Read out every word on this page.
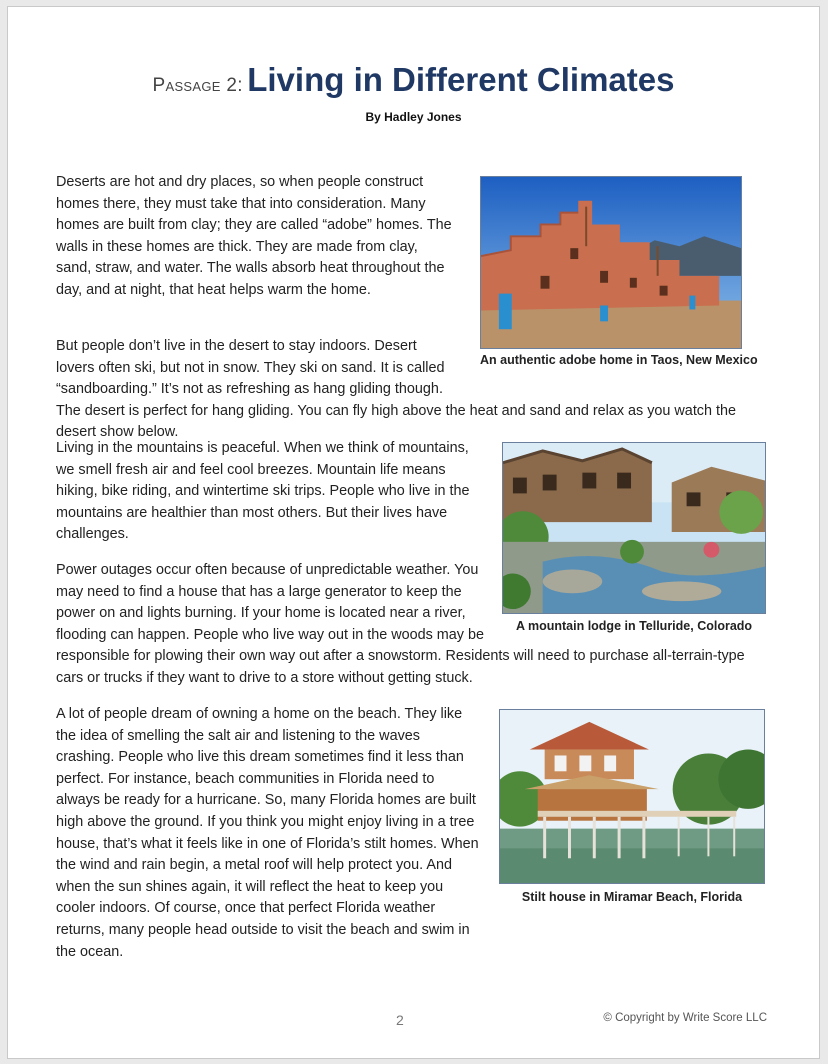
Passage 2: Living in Different Climates
By Hadley Jones
An authentic adobe home in Taos, New Mexico

Deserts are hot and dry places, so when people construct homes there, they must take that into consideration. Many homes are built from clay; they are called “adobe” homes. The walls in these homes are thick. They are made from clay, sand, straw, and water. The walls absorb heat throughout the day, and at night, that heat helps warm the home.

But people don’t live in the desert to stay indoors. Desert lovers often ski, but not in snow. They ski on sand. It is called “sandboarding.” It’s not as refreshing as hang gliding though. The desert is perfect for hang gliding. You can fly high above the heat and sand and relax as you watch the desert show below.

A mountain lodge in Telluride, Colorado

Living in the mountains is peaceful. When we think of mountains, we smell fresh air and feel cool breezes. Mountain life means hiking, bike riding, and wintertime ski trips. People who live in the mountains are healthier than most others. But their lives have challenges.

Power outages occur often because of unpredictable weather. You may need to find a house that has a large generator to keep the power on and lights burning. If your home is located near a river, flooding can happen. People who live way out in the woods may be responsible for plowing their own way out after a snowstorm. Residents will need to purchase all-terrain-type cars or trucks if they want to drive to a store without getting stuck.

Stilt house in Miramar Beach, Florida

A lot of people dream of owning a home on the beach. They like the idea of smelling the salt air and listening to the waves crashing. People who live this dream sometimes find it less than perfect. For instance, beach communities in Florida need to always be ready for a hurricane. So, many Florida homes are built high above the ground. If you think you might enjoy living in a tree house, that’s what it feels like in one of Florida’s stilt homes. When the wind and rain begin, a metal roof will help protect you. And when the sun shines again, it will reflect the heat to keep you cooler indoors. Of course, once that perfect Florida weather returns, many people head outside to visit the beach and swim in the ocean.

2	© Copyright by Write Score LLC
